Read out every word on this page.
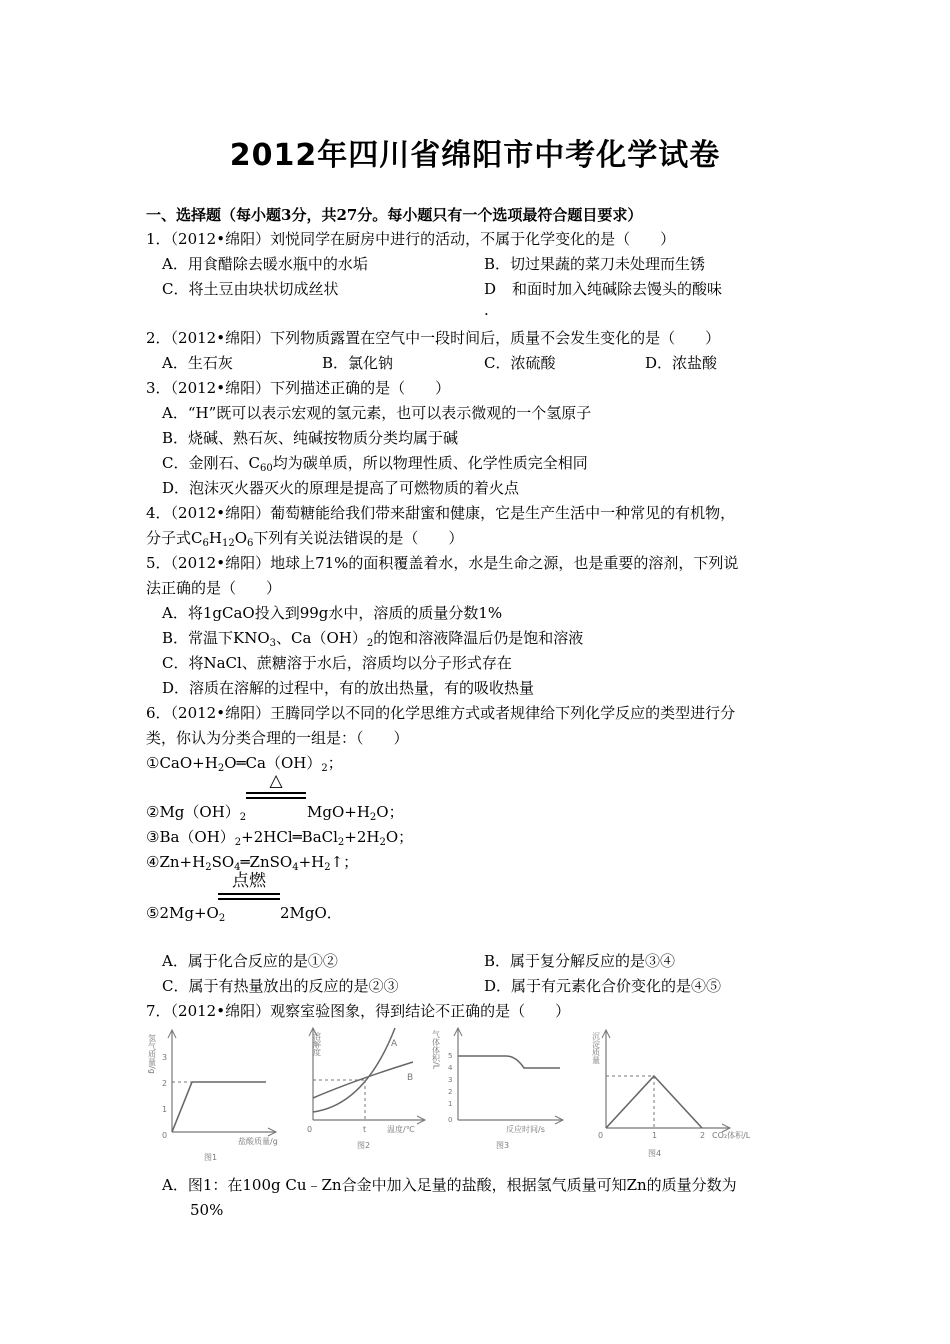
2012年四川省绵阳市中考化学试卷
一、选择题（每小题3分，共27分。每小题只有一个选项最符合题目要求）
1．（2012•绵阳）刘悦同学在厨房中进行的活动，不属于化学变化的是（　　）
A．用食醋除去暖水瓶中的水垢	B．切过果蔬的菜刀未处理而生锈
C．将土豆由块状切成丝状	D
.
和面时加入纯碱除去馒头的酸味
2．（2012•绵阳）下列物质露置在空气中一段时间后，质量不会发生变化的是（　　）
A．生石灰	B．氯化钠	C．浓硫酸	D．浓盐酸
3．（2012•绵阳）下列描述正确的是（　　）
A．“H”既可以表示宏观的氢元素，也可以表示微观的一个氢原子
B．烧碱、熟石灰、纯碱按物质分类均属于碱
C．金刚石、$C_{60}$均为碳单质，所以物理性质、化学性质完全相同
D．泡沫灭火器灭火的原理是提高了可燃物质的着火点
4．（2012•绵阳）葡萄糖能给我们带来甜蜜和健康，它是生产生活中一种常见的有机物，
分子式$C_6H_{12}O_6$下列有关说法错误的是（　　）
5．（2012•绵阳）地球上71%的面积覆盖着水，水是生命之源，也是重要的溶剂，下列说
法正确的是（　　）
A．将1gCaO投入到99g水中，溶质的质量分数1%
B．常温下$KNO_3$、$Ca(OH)_2$的饱和溶液降温后仍是饱和溶液
C．将NaCl、蔗糖溶于水后，溶质均以分子形式存在
D．溶质在溶解的过程中，有的放出热量，有的吸收热量
6．（2012•绵阳）王腾同学以不同的化学思维方式或者规律给下列化学反应的类型进行分
类，你认为分类合理的一组是：（　　）
$①CaO+H_2O═Ca(OH)_2$；
△
$②Mg(OH)_2$	$MgO+H_2O$；
$③Ba(OH)_2+2HCl═BaCl_2+2H_2O$；
$④Zn+H_2SO_4═ZnSO_4+H_2↑$；
点燃
$⑤2Mg+O_2$	2MgO．
A．属于化合反应的是①②	B．属于复分解反应的是③④
C．属于有热量放出的反应的是②③	D．属于有元素化合价变化的是④⑤
7．（2012•绵阳）观察室验图象，得到结论不正确的是（　　）
氢气质量/g 3
2
1
0
盐酸质量/g
图1
A
B
溶解度
0	t	温度/℃
图2
气体体积/L 5
4
3
2
1
0
反应时间/s
图3
沉淀质量
0	1	2 CO₂体积/L
图4
A．图1：在100g Cu﹣Zn合金中加入足量的盐酸，根据氢气质量可知Zn的质量分数为
50%
